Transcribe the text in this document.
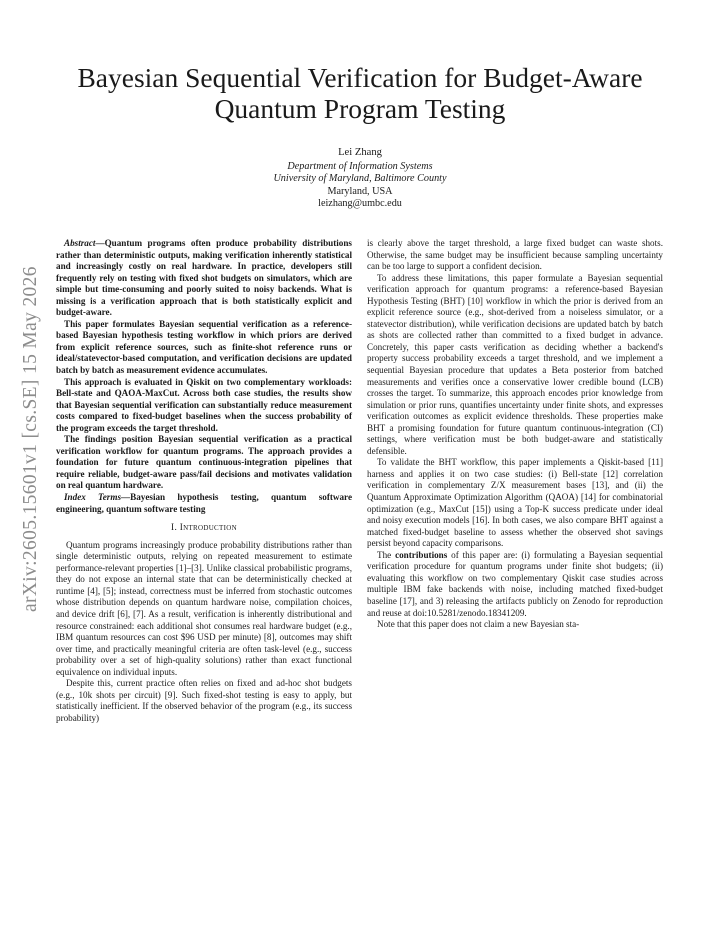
Bayesian Sequential Verification for Budget-Aware Quantum Program Testing
Lei Zhang
Department of Information Systems
University of Maryland, Baltimore County
Maryland, USA
leizhang@umbc.edu
arXiv:2605.15601v1 [cs.SE] 15 May 2026

Abstract—Quantum programs often produce probability distributions rather than deterministic outputs, making verification inherently statistical and increasingly costly on real hardware. In practice, developers still frequently rely on testing with fixed shot budgets on simulators, which are simple but time-consuming and poorly suited to noisy backends. What is missing is a verification approach that is both statistically explicit and budget-aware.

This paper formulates Bayesian sequential verification as a reference-based Bayesian hypothesis testing workflow in which priors are derived from explicit reference sources, such as finite-shot reference runs or ideal/statevector-based computation, and verification decisions are updated batch by batch as measurement evidence accumulates.

This approach is evaluated in Qiskit on two complementary workloads: Bell-state and QAOA-MaxCut. Across both case studies, the results show that Bayesian sequential verification can substantially reduce measurement costs compared to fixed-budget baselines when the success probability of the program exceeds the target threshold.

The findings position Bayesian sequential verification as a practical verification workflow for quantum programs. The approach provides a foundation for future quantum continuous-integration pipelines that require reliable, budget-aware pass/fail decisions and motivates validation on real quantum hardware.

Index Terms—Bayesian hypothesis testing, quantum software engineering, quantum software testing

I. Introduction

Quantum programs increasingly produce probability distributions rather than single deterministic outputs, relying on repeated measurement to estimate performance-relevant properties [1]–[3]. Unlike classical probabilistic programs, they do not expose an internal state that can be deterministically checked at runtime [4], [5]; instead, correctness must be inferred from stochastic outcomes whose distribution depends on quantum hardware noise, compilation choices, and device drift [6], [7]. As a result, verification is inherently distributional and resource constrained: each additional shot consumes real hardware budget (e.g., IBM quantum resources can cost $96 USD per minute) [8], outcomes may shift over time, and practically meaningful criteria are often task-level (e.g., success probability over a set of high-quality solutions) rather than exact functional equivalence on individual inputs.

Despite this, current practice often relies on fixed and ad-hoc shot budgets (e.g., 10k shots per circuit) [9]. Such fixed-shot testing is easy to apply, but statistically inefficient. If the observed behavior of the program (e.g., its success probability)

is clearly above the target threshold, a large fixed budget can waste shots. Otherwise, the same budget may be insufficient because sampling uncertainty can be too large to support a confident decision.

To address these limitations, this paper formulate a Bayesian sequential verification approach for quantum programs: a reference-based Bayesian Hypothesis Testing (BHT) [10] workflow in which the prior is derived from an explicit reference source (e.g., shot-derived from a noiseless simulator, or a statevector distribution), while verification decisions are updated batch by batch as shots are collected rather than committed to a fixed budget in advance. Concretely, this paper casts verification as deciding whether a backend's property success probability exceeds a target threshold, and we implement a sequential Bayesian procedure that updates a Beta posterior from batched measurements and verifies once a conservative lower credible bound (LCB) crosses the target. To summarize, this approach encodes prior knowledge from simulation or prior runs, quantifies uncertainty under finite shots, and expresses verification outcomes as explicit evidence thresholds. These properties make BHT a promising foundation for future quantum continuous-integration (CI) settings, where verification must be both budget-aware and statistically defensible.

To validate the BHT workflow, this paper implements a Qiskit-based [11] harness and applies it on two case studies: (i) Bell-state [12] correlation verification in complementary Z/X measurement bases [13], and (ii) the Quantum Approximate Optimization Algorithm (QAOA) [14] for combinatorial optimization (e.g., MaxCut [15]) using a Top-K success predicate under ideal and noisy execution models [16]. In both cases, we also compare BHT against a matched fixed-budget baseline to assess whether the observed shot savings persist beyond capacity comparisons.

The contributions of this paper are: (i) formulating a Bayesian sequential verification procedure for quantum programs under finite shot budgets; (ii) evaluating this workflow on two complementary Qiskit case studies across multiple IBM fake backends with noise, including matched fixed-budget baseline [17], and 3) releasing the artifacts publicly on Zenodo for reproduction and reuse at doi:10.5281/zenodo.18341209.

Note that this paper does not claim a new Bayesian sta-
